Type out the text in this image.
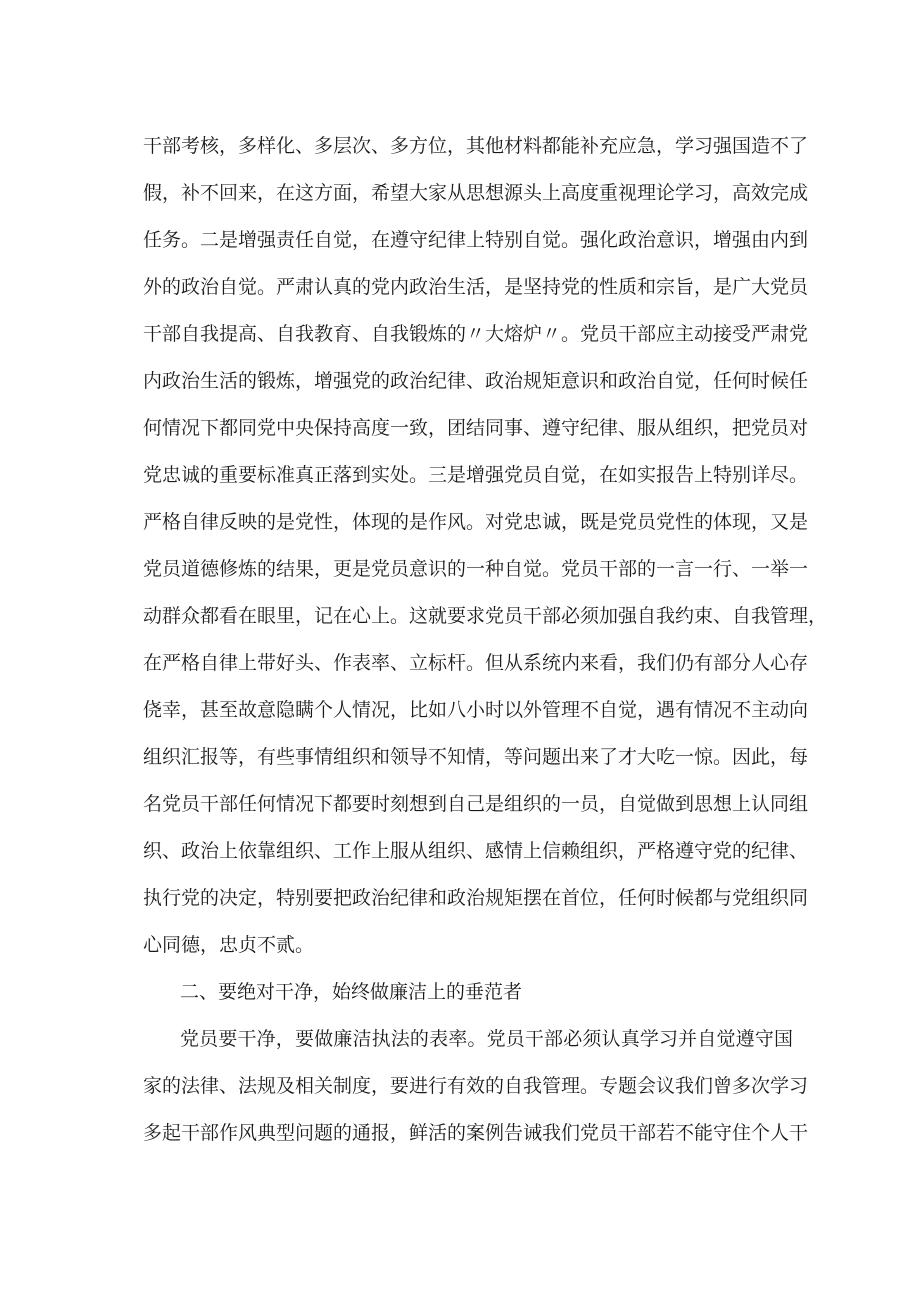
干部考核，多样化、多层次、多方位，其他材料都能补充应急，学习强国造不了
假，补不回来，在这方面，希望大家从思想源头上高度重视理论学习，高效完成
任务。二是增强责任自觉，在遵守纪律上特别自觉。强化政治意识，增强由内到
外的政治自觉。严肃认真的党内政治生活，是坚持党的性质和宗旨，是广大党员
干部自我提高、自我教育、自我锻炼的〃大熔炉〃。党员干部应主动接受严肃党
内政治生活的锻炼，增强党的政治纪律、政治规矩意识和政治自觉，任何时候任
何情况下都同党中央保持高度一致，团结同事、遵守纪律、服从组织，把党员对
党忠诚的重要标准真正落到实处。三是增强党员自觉，在如实报告上特别详尽。
严格自律反映的是党性，体现的是作风。对党忠诚，既是党员党性的体现，又是
党员道德修炼的结果，更是党员意识的一种自觉。党员干部的一言一行、一举一
动群众都看在眼里，记在心上。这就要求党员干部必须加强自我约束、自我管理，
在严格自律上带好头、作表率、立标杆。但从系统内来看，我们仍有部分人心存
侥幸，甚至故意隐瞒个人情况，比如八小时以外管理不自觉，遇有情况不主动向
组织汇报等，有些事情组织和领导不知情，等问题出来了才大吃一惊。因此，每
名党员干部任何情况下都要时刻想到自己是组织的一员，自觉做到思想上认同组
织、政治上依靠组织、工作上服从组织、感情上信赖组织，严格遵守党的纪律、
执行党的决定，特别要把政治纪律和政治规矩摆在首位，任何时候都与党组织同
心同德，忠贞不贰。
二、要绝对干净，始终做廉洁上的垂范者
党员要干净，要做廉洁执法的表率。党员干部必须认真学习并自觉遵守国
家的法律、法规及相关制度，要进行有效的自我管理。专题会议我们曾多次学习
多起干部作风典型问题的通报，鲜活的案例告诫我们党员干部若不能守住个人干
